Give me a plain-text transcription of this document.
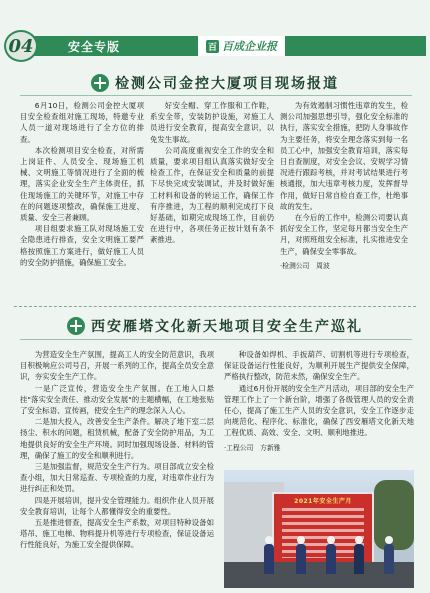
04	安全专版	百 百成企业报
检测公司金控大厦项目现场报道

6月10日，检测公司金控大厦项目安全检查组对施工现场，特邀专业人员一道对现场进行了全方位的排查。

本次检测项目安全检查，对所需上岗证件、人员安全、现场施工机械、文明施工等情况进行了全面的梳理，落实企业安全生产主体责任，抓住现场施工的关键环节，对施工中存在的问题逐项整改，确保施工进度、质量、安全三者兼顾。

项目组要求施工队对现场施工安全隐患进行排查，安全文明施工要严格按照施工方案进行，做好施工人员的安全防护措施，确保施工安全。

好安全帽、穿工作服和工作鞋，系安全带，安装防护设施，对施工人员进行安全教育，提高安全意识，以免发生事故。

公司高度重视安全工作的安全和质量，要求项目组认真落实做好安全检查工作，在保证安全和质量的前提下尽快完成安装调试，并及时做好施工材料和设备的转运工作，确保工作有序推进，为工程的顺利完成打下良好基础，如期完成现场工作，目前仍在进行中，各项任务正按计划有条不紊推进。

为有效遏制习惯性违章的发生，检测公司加强思想引导，强化安全标准的执行，落实安全措施，把防人身事故作为主要任务，将安全理念落实到每一名员工心中，加强安全教育培训，落实每日自查制度，对安全会议、安规学习情况进行跟踪考核，并对考试结果进行考核通报，加大违章考核力度，发挥督导作用，做好日常自检自查工作，杜绝事故的发生。

在今后的工作中，检测公司要认真抓好安全工作，坚定每月都当安全生产月，对照班组安全标准，扎实推进安全生产，确保安全零事故。

·检测公司　周波

西安雁塔文化新天地项目安全生产巡礼

为营造安全生产氛围，提高工人的安全防范意识，我项目积极响应公司号召，开展一系列的工作，提高全员安全意识，夯实安全生产工作。

一是广泛宣传，营造安全生产氛围。在工地入口悬挂"落实安全责任、推动安全发展"的主题横幅，在工地张贴了安全标语、宣传画，使安全生产的理念深入人心。

二是加大投入，改善安全生产条件。解决了地下室二层扬尘、积水的问题，租赁机械，配备了安全防护用品，为工地提供良好的安全生产环境。同时加强现场设备、材料的管理，确保了施工的安全和顺利进行。

三是加强监督，规范安全生产行为。项目部成立安全检查小组，加大日常巡查、专项检查的力度，对违章作业行为进行纠正和处罚。

四是开展培训，提升安全管理能力。组织作业人员开展安全教育培训，让每个人都懂得安全的重要性。

五是推进督查，提高安全生产系数，对项目特种设备如塔吊、施工电梯、物料提升机等进行专项检查，保证设备运行性能良好，为施工安全提供保障。

种设备如焊机、手扳葫芦、切割机等进行专项检查，保证设备运行性能良好，为顺利开展生产提供安全保障，严格执行整改，防范未然，确保安全生产。

通过6月份开展的安全生产月活动，项目部的安全生产管理工作上了一个新台阶，增强了各级管理人员的安全责任心，提高了施工生产人员的安全意识，安全工作逐步走向规范化、程序化、标准化，确保了西安雁塔文化新天地工程优质、高效、安全、文明、顺利地推进。

·工程公司　方新雅

2021年安全生产月
